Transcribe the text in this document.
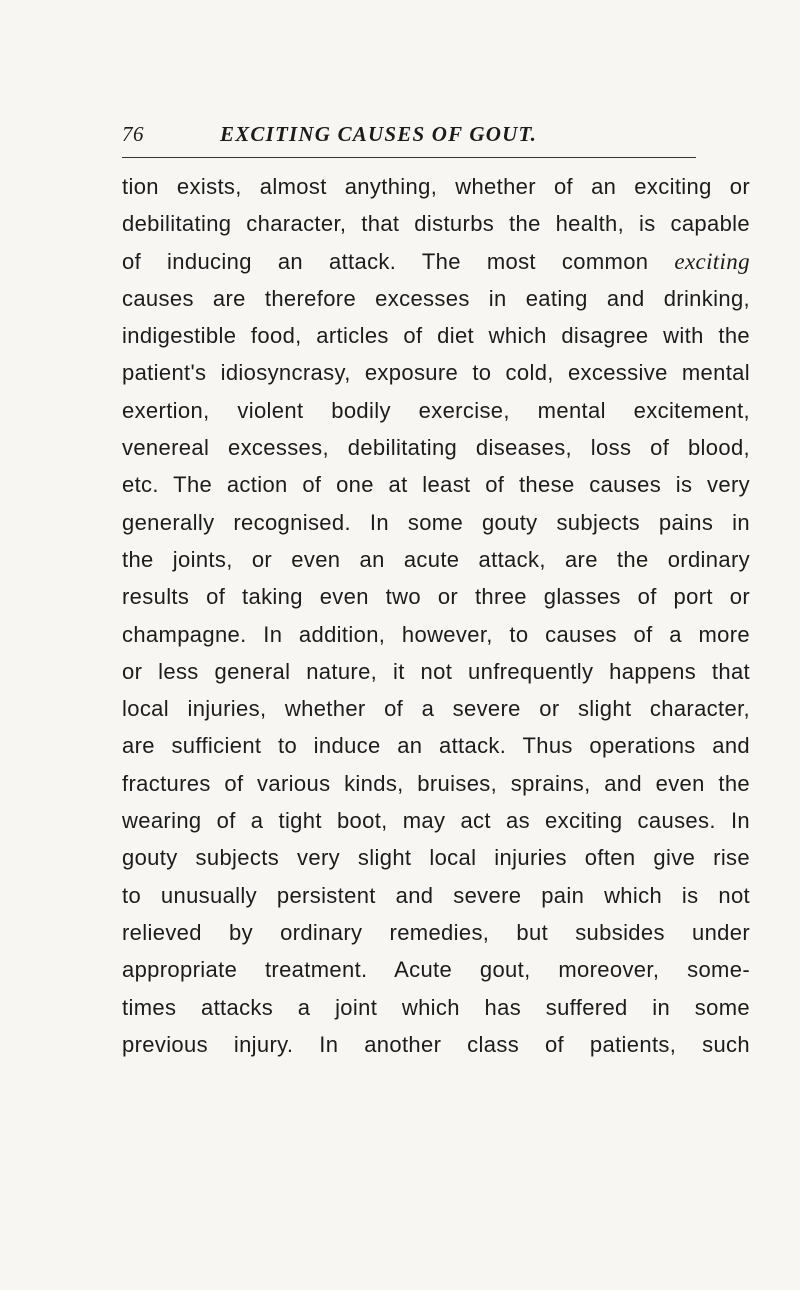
76	EXCITING CAUSES OF GOUT.
tion exists, almost anything, whether of an exciting or
debilitating character, that disturbs the health, is capable
of inducing an attack. The most common exciting
causes are therefore excesses in eating and drinking,
indigestible food, articles of diet which disagree with the
patient's idiosyncrasy, exposure to cold, excessive mental
exertion, violent bodily exercise, mental excitement,
venereal excesses, debilitating diseases, loss of blood,
etc. The action of one at least of these causes is very
generally recognised. In some gouty subjects pains in
the joints, or even an acute attack, are the ordinary
results of taking even two or three glasses of port or
champagne. In addition, however, to causes of a more
or less general nature, it not unfrequently happens that
local injuries, whether of a severe or slight character,
are sufficient to induce an attack. Thus operations and
fractures of various kinds, bruises, sprains, and even the
wearing of a tight boot, may act as exciting causes. In
gouty subjects very slight local injuries often give rise
to unusually persistent and severe pain which is not
relieved by ordinary remedies, but subsides under
appropriate treatment. Acute gout, moreover, some-
times attacks a joint which has suffered in some
previous injury. In another class of patients, such
